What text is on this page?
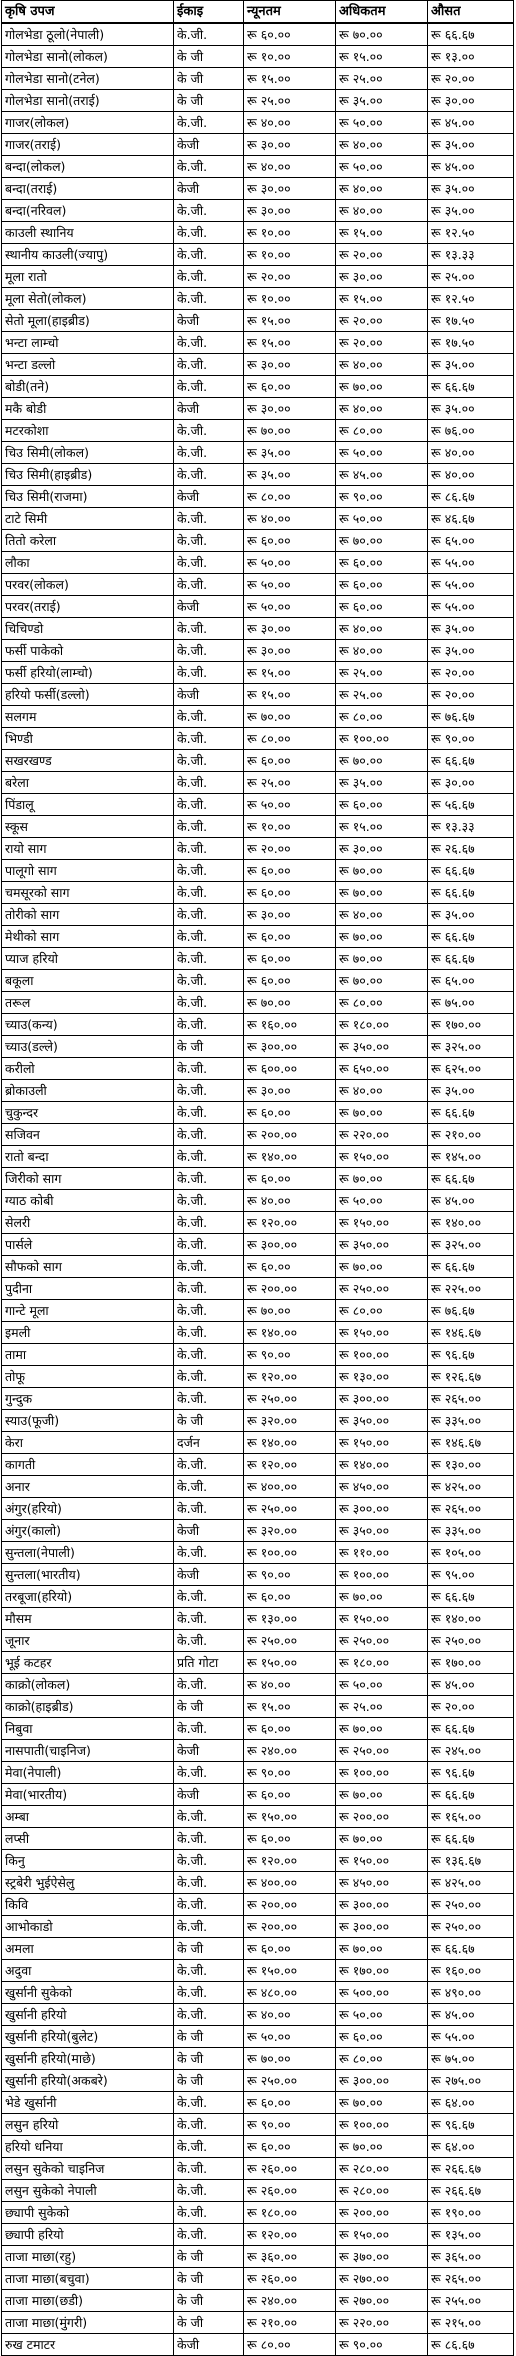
कृषि उपज	ईकाइ	न्यूनतम	अधिकतम	औसत
गोलभेडा ठूलो(नेपाली)	के.जी.	रू ६०.००	रू ७०.००	रू ६६.६७
गोलभेडा सानो(लोकल)	के जी	रू १०.००	रू १५.००	रू १३.००
गोलभेडा सानो(टनेल)	के जी	रू १५.००	रू २५.००	रू २०.००
गोलभेडा सानो(तराई)	के जी	रू २५.००	रू ३५.००	रू ३०.००
गाजर(लोकल)	के.जी.	रू ४०.००	रू ५०.००	रू ४५.००
गाजर(तराई)	केजी	रू ३०.००	रू ४०.००	रू ३५.००
बन्दा(लोकल)	के.जी.	रू ४०.००	रू ५०.००	रू ४५.००
बन्दा(तराई)	केजी	रू ३०.००	रू ४०.००	रू ३५.००
बन्दा(नरिवल)	के.जी.	रू ३०.००	रू ४०.००	रू ३५.००
काउली स्थानिय	के.जी.	रू १०.००	रू १५.००	रू १२.५०
स्थानीय काउली(ज्यापु)	के.जी.	रू १०.००	रू २०.००	रू १३.३३
मूला रातो	के.जी.	रू २०.००	रू ३०.००	रू २५.००
मूला सेतो(लोकल)	के.जी.	रू १०.००	रू १५.००	रू १२.५०
सेतो मूला(हाइब्रीड)	केजी	रू १५.००	रू २०.००	रू १७.५०
भन्टा लाम्चो	के.जी.	रू १५.००	रू २०.००	रू १७.५०
भन्टा डल्लो	के.जी.	रू ३०.००	रू ४०.००	रू ३५.००
बोडी(तने)	के.जी.	रू ६०.००	रू ७०.००	रू ६६.६७
मकै बोडी	केजी	रू ३०.००	रू ४०.००	रू ३५.००
मटरकोशा	के.जी.	रू ७०.००	रू ८०.००	रू ७६.००
चिउ सिमी(लोकल)	के.जी.	रू ३५.००	रू ५०.००	रू ४०.००
चिउ सिमी(हाइब्रीड)	के.जी.	रू ३५.००	रू ४५.००	रू ४०.००
चिउ सिमी(राजमा)	केजी	रू ८०.००	रू ९०.००	रू ८६.६७
टाटे सिमी	के.जी.	रू ४०.००	रू ५०.००	रू ४६.६७
तितो करेला	के.जी.	रू ६०.००	रू ७०.००	रू ६५.००
लौका	के.जी.	रू ५०.००	रू ६०.००	रू ५५.००
परवर(लोकल)	के.जी.	रू ५०.००	रू ६०.००	रू ५५.००
परवर(तराई)	केजी	रू ५०.००	रू ६०.००	रू ५५.००
चिचिण्डो	के.जी.	रू ३०.००	रू ४०.००	रू ३५.००
फर्सी पाकेको	के.जी.	रू ३०.००	रू ४०.००	रू ३५.००
फर्सी हरियो(लाम्चो)	के.जी.	रू १५.००	रू २५.००	रू २०.००
हरियो फर्सी(डल्लो)	केजी	रू १५.००	रू २५.००	रू २०.००
सलगम	के.जी.	रू ७०.००	रू ८०.००	रू ७६.६७
भिण्डी	के.जी.	रू ८०.००	रू १००.००	रू ९०.००
सखरखण्ड	के.जी.	रू ६०.००	रू ७०.००	रू ६६.६७
बरेला	के.जी.	रू २५.००	रू ३५.००	रू ३०.००
पिंडालू	के.जी.	रू ५०.००	रू ६०.००	रू ५६.६७
स्कूस	के.जी.	रू १०.००	रू १५.००	रू १३.३३
रायो साग	के.जी.	रू २०.००	रू ३०.००	रू २६.६७
पालूगो साग	के.जी.	रू ६०.००	रू ७०.००	रू ६६.६७
चमसूरको साग	के.जी.	रू ६०.००	रू ७०.००	रू ६६.६७
तोरीको साग	के.जी.	रू ३०.००	रू ४०.००	रू ३५.००
मेथीको साग	के.जी.	रू ६०.००	रू ७०.००	रू ६६.६७
प्याज हरियो	के.जी.	रू ६०.००	रू ७०.००	रू ६६.६७
बकूला	के.जी.	रू ६०.००	रू ७०.००	रू ६५.००
तरूल	के.जी.	रू ७०.००	रू ८०.००	रू ७५.००
च्याउ(कन्य)	के.जी.	रू १६०.००	रू १८०.००	रू १७०.००
च्याउ(डल्ले)	के जी	रू ३००.००	रू ३५०.००	रू ३२५.००
करीलो	के.जी.	रू ६००.००	रू ६५०.००	रू ६२५.००
ब्रोकाउली	के.जी.	रू ३०.००	रू ४०.००	रू ३५.००
चुकुन्दर	के.जी.	रू ६०.००	रू ७०.००	रू ६६.६७
सजिवन	के.जी.	रू २००.००	रू २२०.००	रू २१०.००
रातो बन्दा	के.जी.	रू १४०.००	रू १५०.००	रू १४५.००
जिरीको साग	के.जी.	रू ६०.००	रू ७०.००	रू ६६.६७
ग्याठ कोबी	के.जी.	रू ४०.००	रू ५०.००	रू ४५.००
सेलरी	के.जी.	रू १२०.००	रू १५०.००	रू १४०.००
पार्सले	के.जी.	रू ३००.००	रू ३५०.००	रू ३२५.००
सौफको साग	के.जी.	रू ६०.००	रू ७०.००	रू ६६.६७
पुदीना	के.जी.	रू २००.००	रू २५०.००	रू २२५.००
गान्टे मूला	के.जी.	रू ७०.००	रू ८०.००	रू ७६.६७
इमली	के.जी.	रू १४०.००	रू १५०.००	रू १४६.६७
तामा	के.जी.	रू ९०.००	रू १००.००	रू ९६.६७
तोफू	के.जी.	रू १२०.००	रू १३०.००	रू १२६.६७
गुन्दुक	के.जी.	रू २५०.००	रू ३००.००	रू २६५.००
स्याउ(फूजी)	के जी	रू ३२०.००	रू ३५०.००	रू ३३५.००
केरा	दर्जन	रू १४०.००	रू १५०.००	रू १४६.६७
कागती	के.जी.	रू १२०.००	रू १४०.००	रू १३०.००
अनार	के.जी.	रू ४००.००	रू ४५०.००	रू ४२५.००
अंगुर(हरियो)	के.जी.	रू २५०.००	रू ३००.००	रू २६५.००
अंगुर(कालो)	केजी	रू ३२०.००	रू ३५०.००	रू ३३५.००
सुन्तला(नेपाली)	के.जी.	रू १००.००	रू ११०.००	रू १०५.००
सुन्तला(भारतीय)	केजी	रू ९०.००	रू १००.००	रू ९५.००
तरबूजा(हरियो)	के.जी.	रू ६०.००	रू ७०.००	रू ६६.६७
मौसम	के.जी.	रू १३०.००	रू १५०.००	रू १४०.००
जूनार	के.जी.	रू २५०.००	रू २५०.००	रू २५०.००
भूई कटहर	प्रति गोटा	रू १५०.००	रू १८०.००	रू १७०.००
काक्रो(लोकल)	के.जी.	रू ४०.००	रू ५०.००	रू ४५.००
काक्रो(हाइब्रीड)	के जी	रू १५.००	रू २५.००	रू २०.००
निबुवा	के.जी.	रू ६०.००	रू ७०.००	रू ६६.६७
नासपाती(चाइनिज)	केजी	रू २४०.००	रू २५०.००	रू २४५.००
मेवा(नेपाली)	के.जी.	रू ९०.००	रू १००.००	रू ९६.६७
मेवा(भारतीय)	केजी	रू ६०.००	रू ७०.००	रू ६६.६७
अम्बा	के.जी.	रू १५०.००	रू २००.००	रू १६५.००
लप्सी	के.जी.	रू ६०.००	रू ७०.००	रू ६६.६७
किनु	के.जी.	रू १२०.००	रू १५०.००	रू १३६.६७
स्ट्रबेरी भुईऐसेलु	के.जी.	रू ४००.००	रू ४५०.००	रू ४२५.००
किवि	के.जी.	रू २००.००	रू ३००.००	रू २५०.००
आभोकाडो	के.जी.	रू २००.००	रू ३००.००	रू २५०.००
अमला	के जी	रू ६०.००	रू ७०.००	रू ६६.६७
अदुवा	के.जी.	रू १५०.००	रू १७०.००	रू १६०.००
खुर्सानी सुकेको	के.जी.	रू ४८०.००	रू ५००.००	रू ४९०.००
खुर्सानी हरियो	के.जी.	रू ४०.००	रू ५०.००	रू ४५.००
खुर्सानी हरियो(बुलेट)	के जी	रू ५०.००	रू ६०.००	रू ५५.००
खुर्सानी हरियो(माछे)	के जी	रू ७०.००	रू ८०.००	रू ७५.००
खुर्सानी हरियो(अकबरे)	के जी	रू २५०.००	रू ३००.००	रू २७५.००
भेडे खुर्सानी	के.जी.	रू ६०.००	रू ७०.००	रू ६४.००
लसुन हरियो	के.जी.	रू ९०.००	रू १००.००	रू ९६.६७
हरियो धनिया	के.जी.	रू ६०.००	रू ७०.००	रू ६४.००
लसुन सुकेको चाइनिज	के.जी.	रू २६०.००	रू २८०.००	रू २६६.६७
लसुन सुकेको नेपाली	के.जी.	रू २६०.००	रू २८०.००	रू २६६.६७
छ्यापी सुकेको	के.जी.	रू १८०.००	रू २००.००	रू १९०.००
छ्यापी हरियो	के.जी.	रू १२०.००	रू १५०.००	रू १३५.००
ताजा माछा(रहु)	के जी	रू ३६०.००	रू ३७०.००	रू ३६५.००
ताजा माछा(बचुवा)	के जी	रू २६०.००	रू २७०.००	रू २६५.००
ताजा माछा(छडी)	के जी	रू २४०.००	रू २७०.००	रू २५५.००
ताजा माछा(मुंगरी)	के जी	रू २१०.००	रू २२०.००	रू २१५.००
रुख टमाटर	केजी	रू ८०.००	रू ९०.००	रू ८६.६७
